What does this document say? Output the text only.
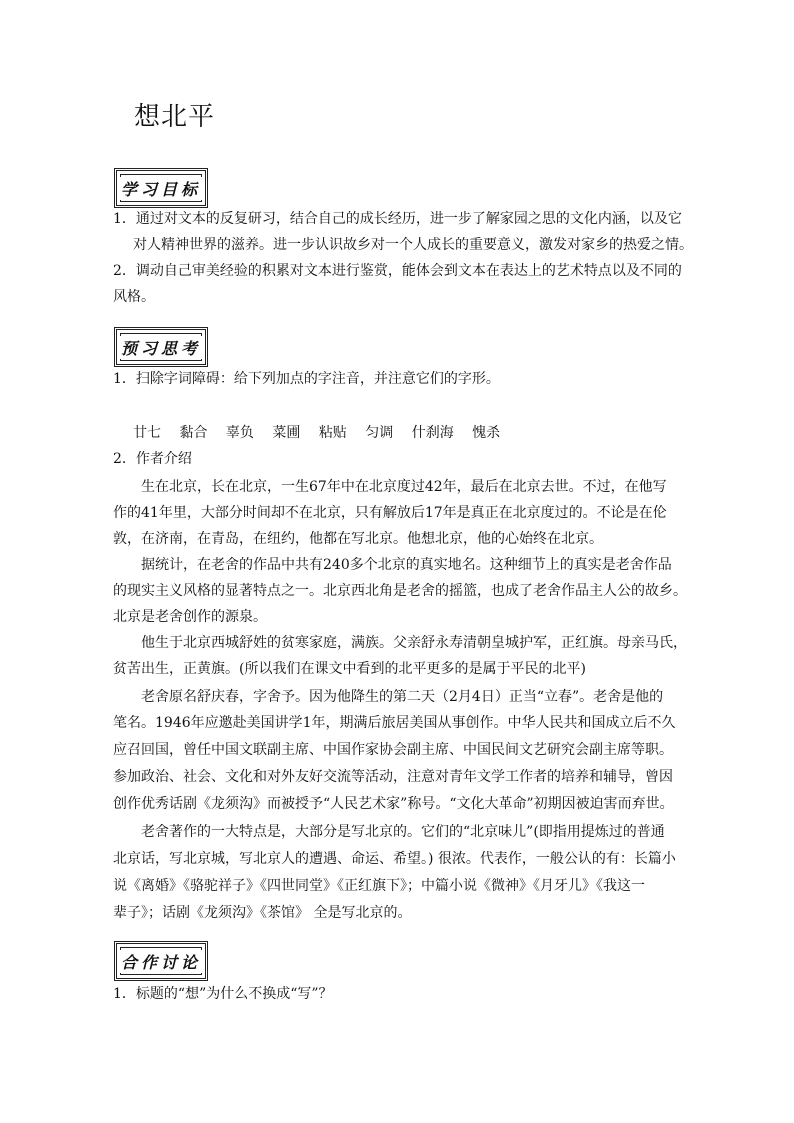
想北平
学习目标

1．通过对文本的反复研习，结合自己的成长经历，进一步了解家园之思的文化内涵，以及它

对人精神世界的滋养。进一步认识故乡对一个人成长的重要意义，激发对家乡的热爱之情。

2．调动自己审美经验的积累对文本进行鉴赏，能体会到文本在表达上的艺术特点以及不同的

风格。

预习思考

1．扫除字词障碍：给下列加点的字注音，并注意它们的字形。

廿七 黏合 辜负 菜圃 粘贴 匀调 什刹海 愧杀

2．作者介绍

生在北京，长在北京，一生67年中在北京度过42年，最后在北京去世。不过，在他写

作的41年里，大部分时间却不在北京，只有解放后17年是真正在北京度过的。不论是在伦

敦，在济南，在青岛，在纽约，他都在写北京。他想北京，他的心始终在北京。

据统计，在老舍的作品中共有240多个北京的真实地名。这种细节上的真实是老舍作品

的现实主义风格的显著特点之一。北京西北角是老舍的摇篮，也成了老舍作品主人公的故乡。

北京是老舍创作的源泉。

他生于北京西城舒姓的贫寒家庭，满族。父亲舒永寿清朝皇城护军，正红旗。母亲马氏，

贫苦出生，正黄旗。(所以我们在课文中看到的北平更多的是属于平民的北平)

老舍原名舒庆春，字舍予。因为他降生的第二天（2月4日）正当“立春”。老舍是他的

笔名。1946年应邀赴美国讲学1年，期满后旅居美国从事创作。中华人民共和国成立后不久

应召回国，曾任中国文联副主席、中国作家协会副主席、中国民间文艺研究会副主席等职。

参加政治、社会、文化和对外友好交流等活动，注意对青年文学工作者的培养和辅导，曾因

创作优秀话剧《龙须沟》而被授予“人民艺术家”称号。“文化大革命”初期因被迫害而弃世。

老舍著作的一大特点是，大部分是写北京的。它们的“北京味儿”(即指用提炼过的普通

北京话，写北京城，写北京人的遭遇、命运、希望。) 很浓。代表作，一般公认的有：长篇小

说《离婚》《骆驼祥子》《四世同堂》《正红旗下》；中篇小说《微神》《月牙儿》《我这一

辈子》；话剧《龙须沟》《茶馆》 全是写北京的。

合作讨论

1．标题的“想”为什么不换成“写”？
